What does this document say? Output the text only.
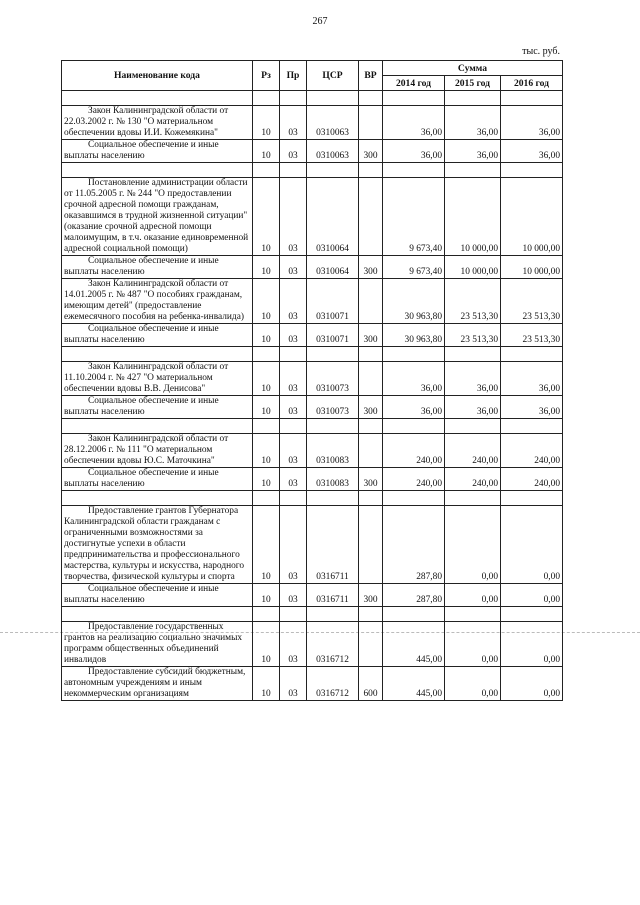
267
тыс. руб.
Наименование кода	Рз	Пр	ЦСР	ВР	Сумма		
					2014 год	2015 год	2016 год

Закон Калининградской области от 22.03.2002 г. № 130 "О материальном обеспечении вдовы И.И. Кожемякина"	10	03	0310063		36,00	36,00	36,00

Социальное обеспечение и иные выплаты населению	10	03	0310063	300	36,00	36,00	36,00

Постановление администрации области от 11.05.2005 г. № 244 "О предоставлении срочной адресной помощи гражданам, оказавшимся в трудной жизненной ситуации" (оказание срочной адресной помощи малоимущим, в т.ч. оказание единовременной адресной социальной помощи)	10	03	0310064		9 673,40	10 000,00	10 000,00

Социальное обеспечение и иные выплаты населению	10	03	0310064	300	9 673,40	10 000,00	10 000,00

Закон Калининградской области от 14.01.2005 г. № 487 "О пособиях гражданам, имеющим детей" (предоставление ежемесячного пособия на ребенка-инвалида)	10	03	0310071		30 963,80	23 513,30	23 513,30

Социальное обеспечение и иные выплаты населению	10	03	0310071	300	30 963,80	23 513,30	23 513,30

Закон Калининградской области от 11.10.2004 г. № 427 "О материальном обеспечении вдовы В.В. Денисова"	10	03	0310073		36,00	36,00	36,00

Социальное обеспечение и иные выплаты населению	10	03	0310073	300	36,00	36,00	36,00

Закон Калининградской области от 28.12.2006 г. № 111 "О материальном обеспечении вдовы Ю.С. Маточкина"	10	03	0310083		240,00	240,00	240,00

Социальное обеспечение и иные выплаты населению	10	03	0310083	300	240,00	240,00	240,00

Предоставление грантов Губернатора Калининградской области гражданам с ограниченными возможностями за достигнутые успехи в области предпринимательства и профессионального мастерства, культуры и искусства, народного творчества, физической культуры и спорта	10	03	0316711		287,80	0,00	0,00

Социальное обеспечение и иные выплаты населению	10	03	0316711	300	287,80	0,00	0,00

Предоставление государственных грантов на реализацию социально значимых программ общественных объединений инвалидов	10	03	0316712		445,00	0,00	0,00

Предоставление субсидий бюджетным, автономным учреждениям и иным некоммерческим организациям	10	03	0316712	600	445,00	0,00	0,00
